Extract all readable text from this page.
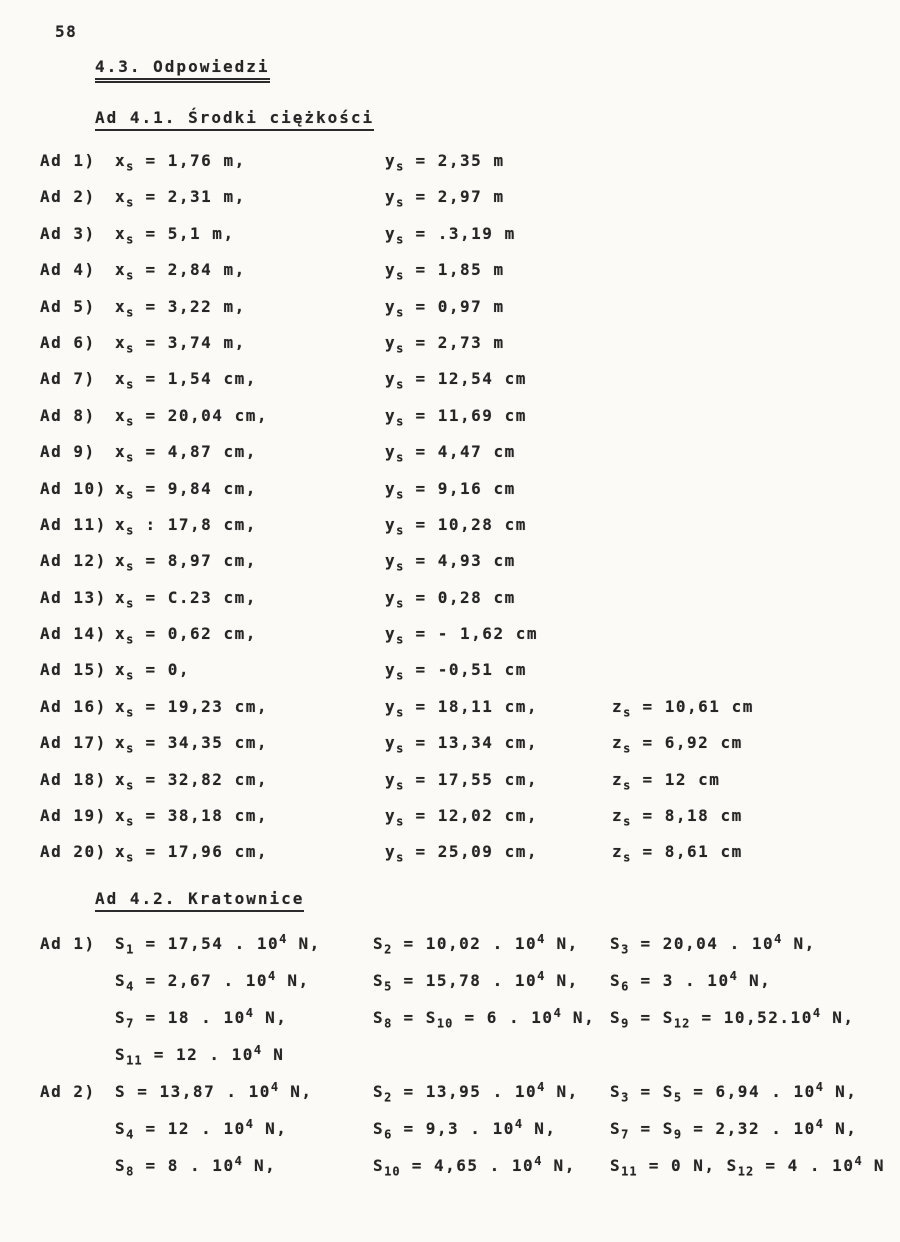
58
4.3. Odpowiedzi
Ad 4.1. Środki ciężkości
Ad 1)	$x_s = 1,76$ m,	$y_s = 2,35$ m
Ad 2)	$x_s = 2,31$ m,	$y_s = 2,97$ m
Ad 3)	$x_s = 5,1$ m,	$y_s = .3,19$ m
Ad 4)	$x_s = 2,84$ m,	$y_s = 1,85$ m
Ad 5)	$x_s = 3,22$ m,	$y_s = 0,97$ m
Ad 6)	$x_s = 3,74$ m,	$y_s = 2,73$ m
Ad 7)	$x_s = 1,54$ cm,	$y_s = 12,54$ cm
Ad 8)	$x_s = 20,04$ cm,	$y_s = 11,69$ cm
Ad 9)	$x_s = 4,87$ cm,	$y_s = 4,47$ cm
Ad 10) $x_s = 9,84$ cm,	$y_s = 9,16$ cm
Ad 11) $x_s$ : 17,8 cm,	$y_s = 10,28$ cm
Ad 12) $x_s = 8,97$ cm,	$y_s = 4,93$ cm
Ad 13) $x_s = C.23$ cm,	$y_s = 0,28$ cm
Ad 14) $x_s = 0,62$ cm,	$y_s$ = - 1,62 cm
Ad 15) $x_s = 0$,	$y_s = -0,51$ cm
Ad 16) $x_s = 19,23$ cm,	$y_s = 18,11$ cm,	$z_s = 10,61$ cm
Ad 17) $x_s = 34,35$ cm,	$y_s = 13,34$ cm,	$z_s = 6,92$ cm
Ad 18) $x_s = 32,82$ cm,	$y_s = 17,55$ cm,	$z_s = 12$ cm
Ad 19) $x_s = 38,18$ cm,	$y_s = 12,02$ cm,	$z_s = 8,18$ cm
Ad 20) $x_s = 17,96$ cm,	$y_s = 25,09$ cm,	$z_s = 8,61$ cm
Ad 4.2. Kratownice
Ad 1)	$S_1 = 17,54$ . $10^4$ N,	$S_2 = 10,02$ . $10^4$ N,	$S_3 = 20,04$ . $10^4$ N,
$S_4 = 2,67$ . $10^4$ N,	$S_5 = 15,78$ . $10^4$ N,	$S_6 = 3$ . $10^4$ N,
$S_7 = 18$ . $10^4$ N,	$S_8 = S_{10} = 6$ . $10^4$ N, $S_9 = S_{12} = 10,52.10^4$ N,
$S_{11} = 12$ . $10^4$ N
Ad 2)	S = 13,87 . $10^4$ N,	$S_2 = 13,95$ . $10^4$ N,	$S_3 = S_5 = 6,94$ . $10^4$ N,
$S_4 = 12$ . $10^4$ N,	$S_6 = 9,3$ . $10^4$ N,	$S_7 = S_9 = 2,32$ . $10^4$ N,
$S_8 = 8$ . $10^4$ N,	$S_{10} = 4,65$ . $10^4$ N,	$S_{11} = 0$ N, $S_{12} = 4$ . $10^4$ N
